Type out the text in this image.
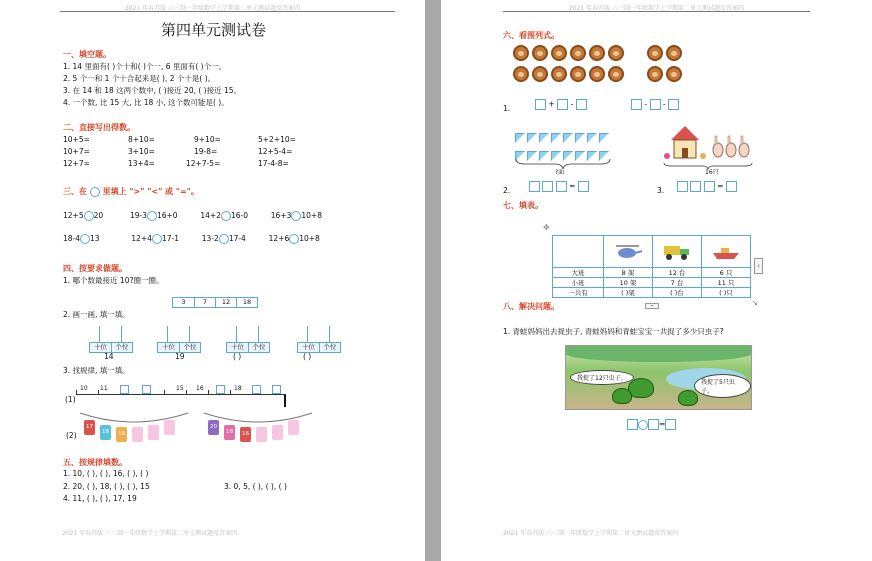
2021 年春苏版 六三制一年级数学上学期第二单元测试题及答案四
第四单元测试卷
一、填空题。
1. 14 里面有( )个十和( )个一, 6 里面有( )个一。
2. 5 个一和 1 个十合起来是( ), 2 个十是( )。
3. 在 14 和 18 这两个数中, ( )接近 20, ( )接近 15。
4. 一个数, 比 15 大, 比 18 小, 这个数可能是( )。
二、直接写出得数。
10+5=	8+10=	9+10=	5+2+10=
10+7=	3+10=	19-8=	12+5-4=
12+7=	13+4=	12+7-5=	17-4-8=
三、在 里填上 ">" "<" 或 "="。
12+5 20	19-3 16+0	14+2 16-0	16+3 10+8
18-4 13	12+4 17-1	13-2 17-4	12+6 10+8
四、按要求做题。
1. 哪个数最接近 10?圈一圈。
3	7	12	18
2. 画一画, 填一填。
十位	个位
14
十位	个位
19
十位	个位
( )
十位	个位
( )
3. 找规律, 填一填。
(1)
10 11	15 16	18
(2)
17
18	19
20
18	16
五、按规律填数。
1. 10, ( ), ( ), 16, ( ), ( )
2. 20, ( ), 18, ( ), ( ), 15	3. 0, 5, ( ), ( ), ( )
4. 11, ( ), ( ), 17, 19
2021 年春苏版 六三制一年级数学上学期第二单元测试题及答案四
2021 年春苏版 六三制一年级数学上学期第二单元测试题及答案四
六、看图列式。
1.	+ -	- -
?面	16只
2.	=	3.	=
七、填表。
✥

大班	8 架	12 台	6 只
小班	10 架	7 台	11 只
一共有	( )架	( )台	( )只
‹
–	↘
八、解决问题。
1. 青蛙妈妈出去捉虫子, 青蛙妈妈和青蛙宝宝一共捉了多少只虫子?
我捉了12只虫子。
我捉了5只虫子。
=
2021 年春苏版 六三制一年级数学上学期第二单元测试题及答案四
